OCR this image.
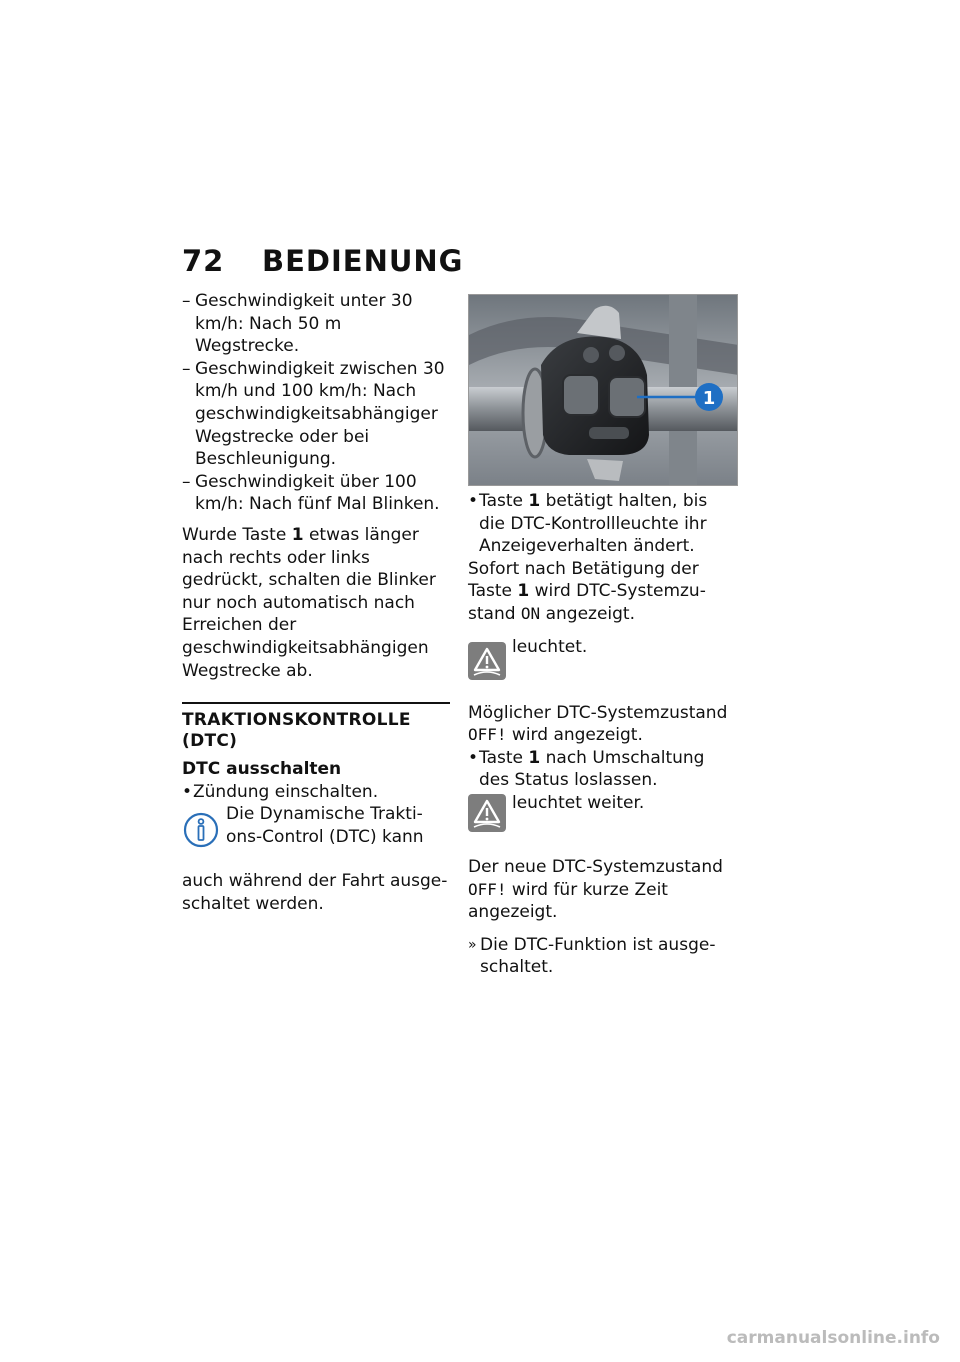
72 BEDIENUNG
– Geschwindigkeit unter 30 km/h: Nach 50 m Wegstrecke.
– Geschwindigkeit zwischen 30 km/h und 100 km/h: Nach geschwindigkeitsabhängiger Wegstrecke oder bei Beschleunigung.
– Geschwindigkeit über 100 km/h: Nach fünf Mal Blinken.

Wurde Taste 1 etwas länger nach rechts oder links gedrückt, schalten die Blinker nur noch automatisch nach Erreichen der geschwindigkeitsabhängigen Wegstrecke ab.

TRAKTIONSKONTROLLE (DTC)
DTC ausschalten
• Zündung einschalten.
Die Dynamische Traktions-Control (DTC) kann
auch während der Fahrt ausgeschaltet werden.
1
• Taste 1 betätigt halten, bis die DTC-Kontrollleuchte ihr Anzeigeverhalten ändert.

Sofort nach Betätigung der Taste 1 wird DTC-Systemzustand ON angezeigt.

leuchtet.

Möglicher DTC-Systemzustand OFF! wird angezeigt.

• Taste 1 nach Umschaltung des Status loslassen.
leuchtet weiter.

Der neue DTC-Systemzustand OFF! wird für kurze Zeit angezeigt.

» Die DTC-Funktion ist ausgeschaltet.
carmanualsonline.info
